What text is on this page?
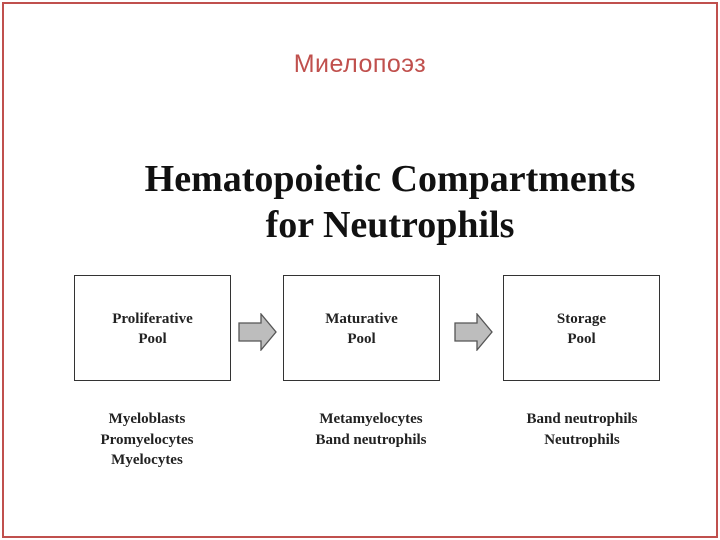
Миелопоэз
Hematopoietic Compartments
for Neutrophils
Proliferative
Pool
Maturative
Pool
Storage
Pool
Myeloblasts
Promyelocytes
Myelocytes
Metamyelocytes
Band neutrophils
Band neutrophils
Neutrophils
